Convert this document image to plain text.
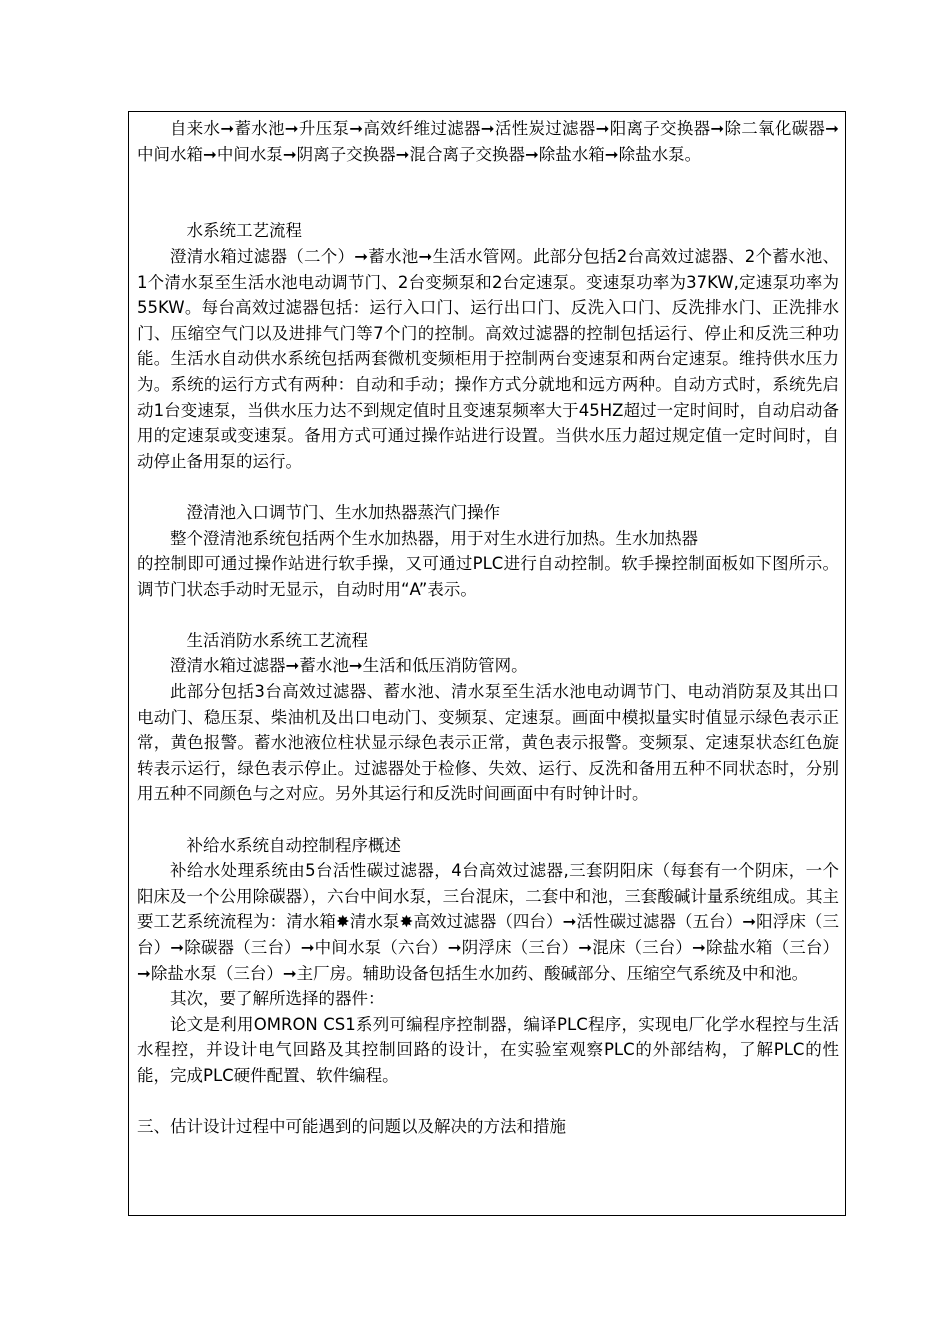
自来水➞蓄水池➞升压泵➞高效纤维过滤器➞活性炭过滤器➞阳离子交换器➞除二氧化碳器➞中间水箱➞中间水泵➞阴离子交换器➞混合离子交换器➞除盐水箱➞除盐水泵。

水系统工艺流程

澄清水箱过滤器（二个）➞蓄水池➞生活水管网。此部分包括2台高效过滤器、2个蓄水池、1个清水泵至生活水池电动调节门、2台变频泵和2台定速泵。变速泵功率为37KW,定速泵功率为55KW。每台高效过滤器包括：运行入口门、运行出口门、反洗入口门、反洗排水门、正洗排水门、压缩空气门以及进排气门等7个门的控制。高效过滤器的控制包括运行、停止和反洗三种功能。生活水自动供水系统包括两套微机变频柜用于控制两台变速泵和两台定速泵。维持供水压力为。系统的运行方式有两种：自动和手动；操作方式分就地和远方两种。自动方式时，系统先启动1台变速泵，当供水压力达不到规定值时且变速泵频率大于45HZ超过一定时间时，自动启动备用的定速泵或变速泵。备用方式可通过操作站进行设置。当供水压力超过规定值一定时间时，自动停止备用泵的运行。

澄清池入口调节门、生水加热器蒸汽门操作

整个澄清池系统包括两个生水加热器，用于对生水进行加热。生水加热器

的控制即可通过操作站进行软手操，又可通过PLC进行自动控制。软手操控制面板如下图所示。调节门状态手动时无显示，自动时用“A”表示。

生活消防水系统工艺流程

澄清水箱过滤器➞蓄水池➞生活和低压消防管网。

此部分包括3台高效过滤器、蓄水池、清水泵至生活水池电动调节门、电动消防泵及其出口电动门、稳压泵、柴油机及出口电动门、变频泵、定速泵。画面中模拟量实时值显示绿色表示正常，黄色报警。蓄水池液位柱状显示绿色表示正常，黄色表示报警。变频泵、定速泵状态红色旋转表示运行，绿色表示停止。过滤器处于检修、失效、运行、反洗和备用五种不同状态时，分别用五种不同颜色与之对应。另外其运行和反洗时间画面中有时钟计时。

补给水系统自动控制程序概述

补给水处理系统由5台活性碳过滤器，4台高效过滤器,三套阴阳床（每套有一个阴床，一个阳床及一个公用除碳器），六台中间水泵，三台混床，二套中和池，三套酸碱计量系统组成。其主要工艺系统流程为：清水箱✸清水泵✸高效过滤器（四台）➞活性碳过滤器（五台）➞阳浮床（三台）➞除碳器（三台）➞中间水泵（六台）➞阴浮床（三台）➞混床（三台）➞除盐水箱（三台）➞除盐水泵（三台）➞主厂房。辅助设备包括生水加药、酸碱部分、压缩空气系统及中和池。

其次，要了解所选择的器件：

论文是利用OMRON CS1系列可编程序控制器，编译PLC程序，实现电厂化学水程控与生活水程控，并设计电气回路及其控制回路的设计，在实验室观察PLC的外部结构，了解PLC的性能，完成PLC硬件配置、软件编程。

三、估计设计过程中可能遇到的问题以及解决的方法和措施
